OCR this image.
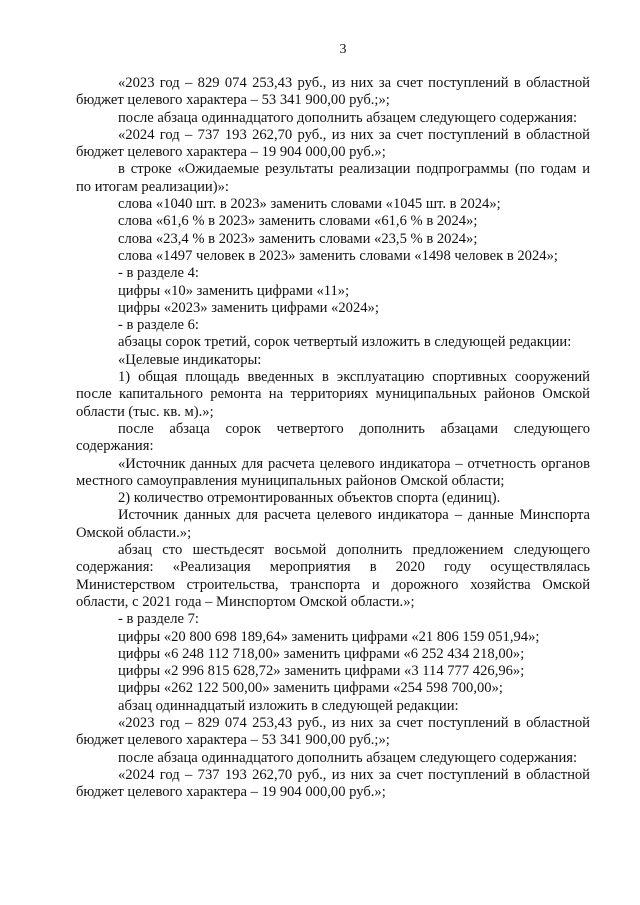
3

«2023 год – 829 074 253,43 руб., из них за счет поступлений в областной бюджет целевого характера – 53 341 900,00 руб.;»;

после абзаца одиннадцатого дополнить абзацем следующего содержания:

«2024 год – 737 193 262,70 руб., из них за счет поступлений в областной бюджет целевого характера – 19 904 000,00 руб.»;

в строке «Ожидаемые результаты реализации подпрограммы (по годам и по итогам реализации)»:

слова «1040 шт. в 2023» заменить словами «1045 шт. в 2024»;

слова «61,6 % в 2023» заменить словами «61,6 % в 2024»;

слова «23,4 % в 2023» заменить словами «23,5 % в 2024»;

слова «1497 человек в 2023» заменить словами «1498 человек в 2024»;

- в разделе 4:

цифры «10» заменить цифрами «11»;

цифры «2023» заменить цифрами «2024»;

- в разделе 6:

абзацы сорок третий, сорок четвертый изложить в следующей редакции:

«Целевые индикаторы:

1) общая площадь введенных в эксплуатацию спортивных сооружений после капитального ремонта на территориях муниципальных районов Омской области (тыс. кв. м).»;

после абзаца сорок четвертого дополнить абзацами следующего содержания:

«Источник данных для расчета целевого индикатора – отчетность органов местного самоуправления муниципальных районов Омской области;

2) количество отремонтированных объектов спорта (единиц).

Источник данных для расчета целевого индикатора – данные Минспорта Омской области.»;

абзац сто шестьдесят восьмой дополнить предложением следующего содержания: «Реализация мероприятия в 2020 году осуществлялась Министерством строительства, транспорта и дорожного хозяйства Омской области, с 2021 года – Минспортом Омской области.»;

- в разделе 7:

цифры «20 800 698 189,64» заменить цифрами «21 806 159 051,94»;

цифры «6 248 112 718,00» заменить цифрами «6 252 434 218,00»;

цифры «2 996 815 628,72» заменить цифрами «3 114 777 426,96»;

цифры «262 122 500,00» заменить цифрами «254 598 700,00»;

абзац одиннадцатый изложить в следующей редакции:

«2023 год – 829 074 253,43 руб., из них за счет поступлений в областной бюджет целевого характера – 53 341 900,00 руб.;»;

после абзаца одиннадцатого дополнить абзацем следующего содержания:

«2024 год – 737 193 262,70 руб., из них за счет поступлений в областной бюджет целевого характера – 19 904 000,00 руб.»;
